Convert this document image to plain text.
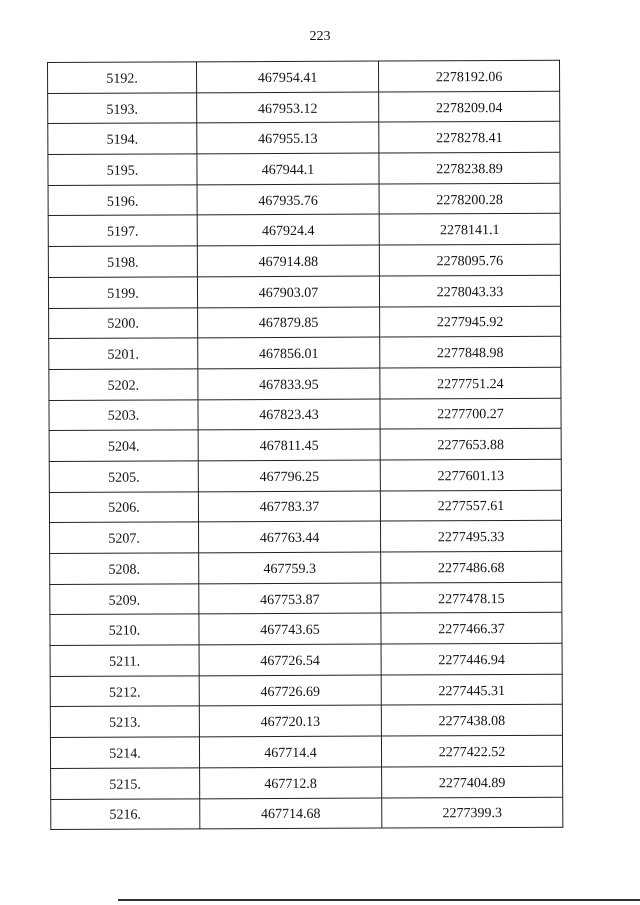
223
5192.	467954.41	2278192.06
5193.	467953.12	2278209.04
5194.	467955.13	2278278.41
5195.	467944.1	2278238.89
5196.	467935.76	2278200.28
5197.	467924.4	2278141.1
5198.	467914.88	2278095.76
5199.	467903.07	2278043.33
5200.	467879.85	2277945.92
5201.	467856.01	2277848.98
5202.	467833.95	2277751.24
5203.	467823.43	2277700.27
5204.	467811.45	2277653.88
5205.	467796.25	2277601.13
5206.	467783.37	2277557.61
5207.	467763.44	2277495.33
5208.	467759.3	2277486.68
5209.	467753.87	2277478.15
5210.	467743.65	2277466.37
5211.	467726.54	2277446.94
5212.	467726.69	2277445.31
5213.	467720.13	2277438.08
5214.	467714.4	2277422.52
5215.	467712.8	2277404.89
5216.	467714.68	2277399.3
